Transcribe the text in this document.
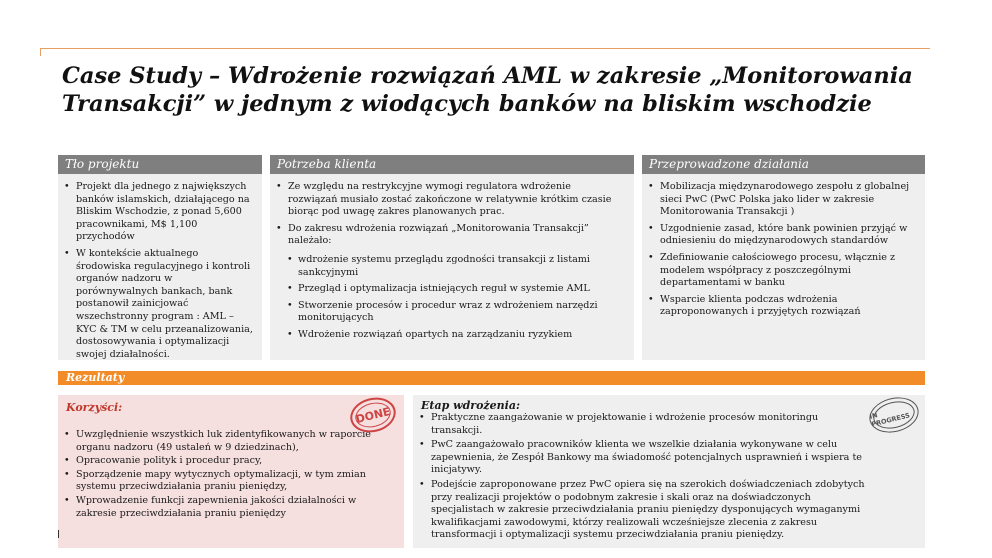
Case Study – Wdrożenie rozwiązań AML w zakresie „Monitorowania Transakcji” w jednym z wiodących banków na bliskim wschodzie
Tło projektu
• Projekt dla jednego z największych banków islamskich, działającego na Bliskim Wschodzie, z ponad 5,600 pracownikami, M$ 1,100 przychodów
• W kontekście aktualnego środowiska regulacyjnego i kontroli organów nadzoru w porównywalnych bankach, bank postanowił zainicjować wszechstronny program : AML – KYC & TM w celu przeanalizowania, dostosowywania i optymalizacji swojej działalności.
Potrzeba klienta
• Ze względu na restrykcyjne wymogi regulatora wdrożenie rozwiązań musiało zostać zakończone w relatywnie krótkim czasie biorąc pod uwagę zakres planowanych prac.
• Do zakresu wdrożenia rozwiązań „Monitorowania Transakcji” należało:
• wdrożenie systemu przeglądu zgodności transakcji z listami sankcyjnymi
• Przegląd i optymalizacja istniejących reguł w systemie AML
• Stworzenie procesów i procedur wraz z wdrożeniem narzędzi monitorujących
• Wdrożenie rozwiązań opartych na zarządzaniu ryzykiem
Przeprowadzone działania
• Mobilizacja międzynarodowego zespołu z globalnej sieci PwC (PwC Polska jako lider w zakresie Monitorowania Transakcji )
• Uzgodnienie zasad, które bank powinien przyjąć w odniesieniu do międzynarodowych standardów
• Zdefiniowanie całościowego procesu, włącznie z modelem współpracy z poszczególnymi departamentami w banku
• Wsparcie klienta podczas wdrożenia zaproponowanych i przyjętych rozwiązań
Rezultaty
Korzyści:
• Uwzględnienie wszystkich luk zidentyfikowanych w raporcie organu nadzoru (49 ustaleń w 9 dziedzinach),
• Opracowanie polityk i procedur pracy,
• Sporządzenie mapy wytycznych optymalizacji, w tym zmian systemu przeciwdziałania praniu pieniędzy,
• Wprowadzenie funkcji zapewnienia jakości działalności w zakresie przeciwdziałania praniu pieniędzy
DONE	Etap wdrożenia:
• Praktyczne zaangażowanie w projektowanie i wdrożenie procesów monitoringu transakcji.
• PwC zaangażowało pracowników klienta we wszelkie działania wykonywane w celu zapewnienia, że Zespół Bankowy ma świadomość potencjalnych usprawnień i wspiera te inicjatywy.
• Podejście zaproponowane przez PwC opiera się na szerokich doświadczeniach zdobytych przy realizacji projektów o podobnym zakresie i skali oraz na doświadczonych specjalistach w zakresie przeciwdziałania praniu pieniędzy dysponujących wymaganymi kwalifikacjami zawodowymi, którzy realizowali wcześniejsze zlecenia z zakresu transformacji i optymalizacji systemu przeciwdziałania praniu pieniędzy.
IN PROGRESS
